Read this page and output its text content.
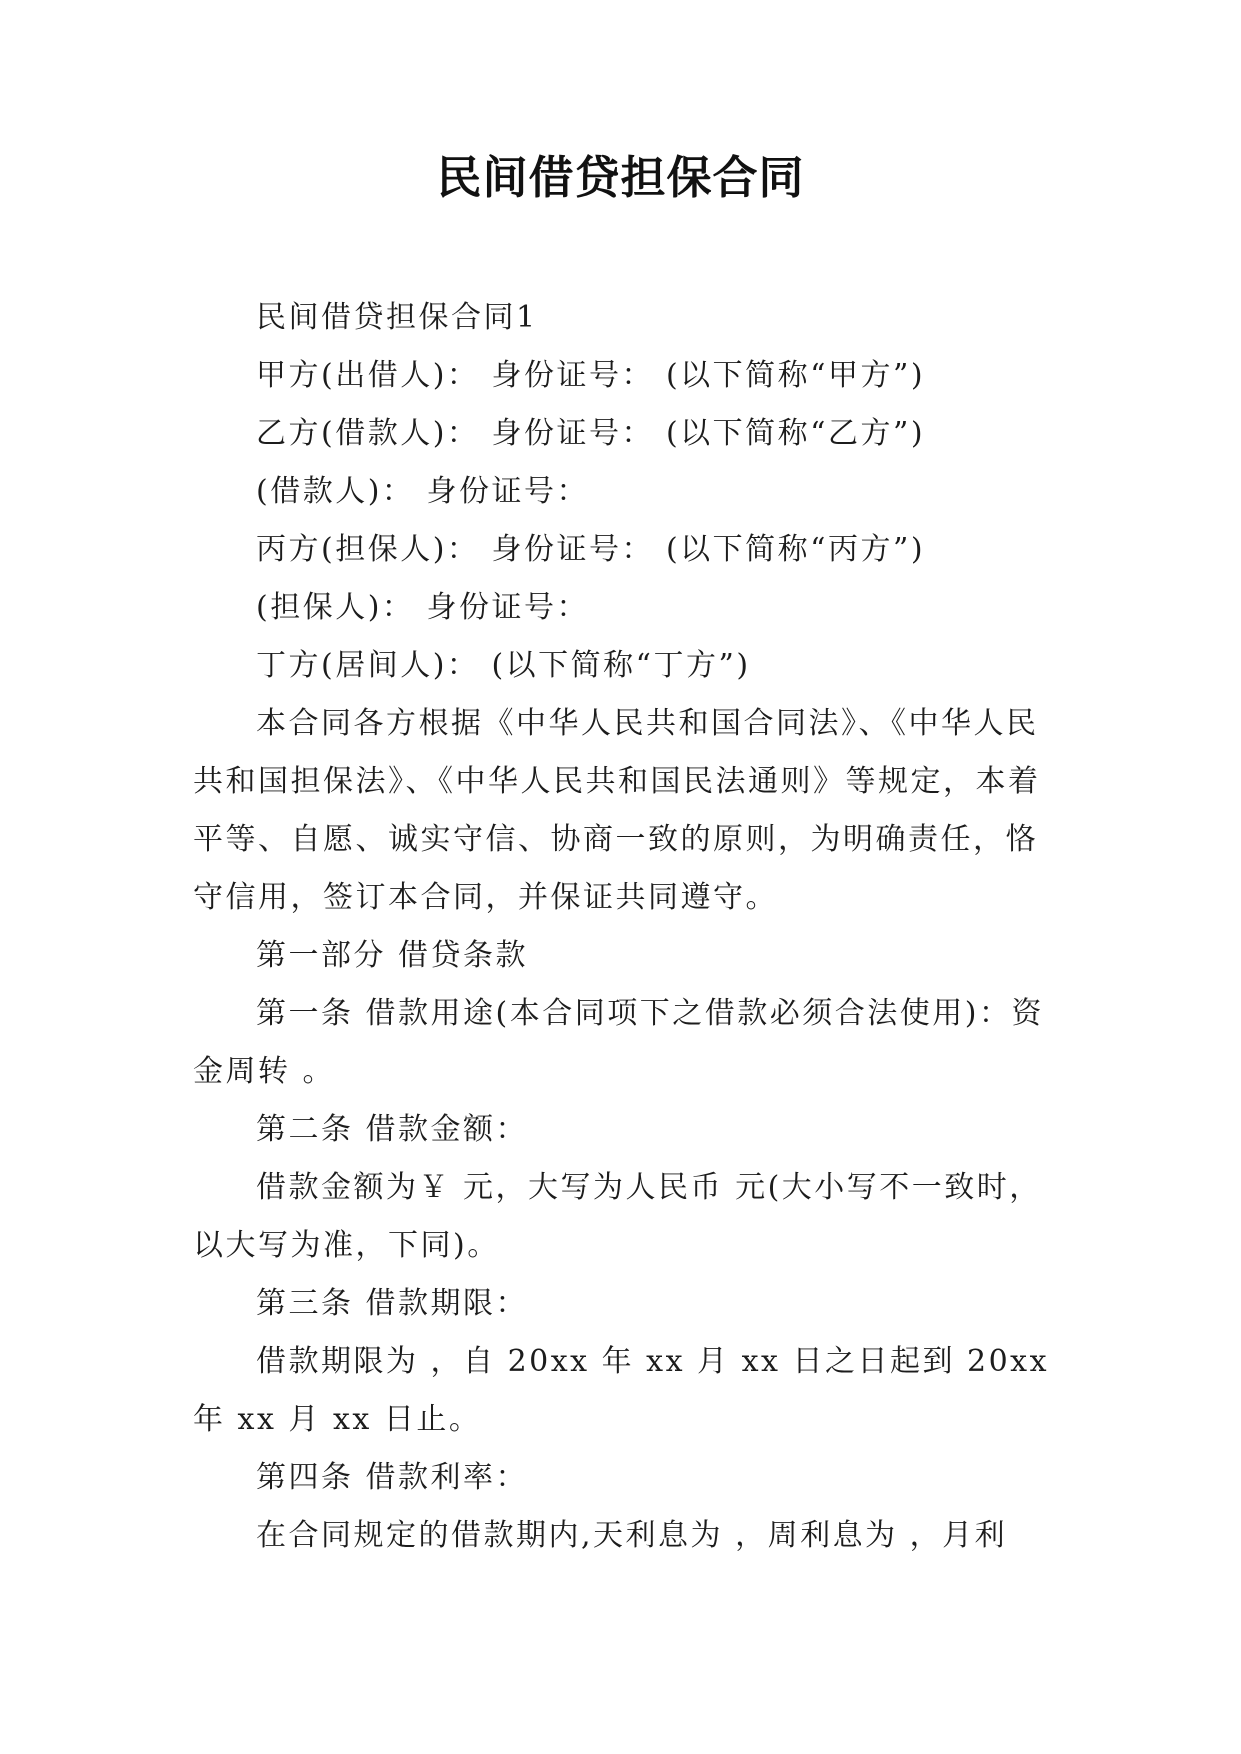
民间借贷担保合同

民间借贷担保合同1

甲方(出借人)： 身份证号： (以下简称“甲方”)

乙方(借款人)： 身份证号： (以下简称“乙方”)

(借款人)： 身份证号：

丙方(担保人)： 身份证号： (以下简称“丙方”)

(担保人)： 身份证号：

丁方(居间人)： (以下简称“丁方”)

本合同各方根据《中华人民共和国合同法》、《中华人民共和国担保法》、《中华人民共和国民法通则》等规定，本着平等、自愿、诚实守信、协商一致的原则，为明确责任，恪守信用，签订本合同，并保证共同遵守。

第一部分 借贷条款

第一条 借款用途(本合同项下之借款必须合法使用)：资金周转 。

第二条 借款金额：

借款金额为￥ 元，大写为人民币 元(大小写不一致时，以大写为准，下同)。

第三条 借款期限：

借款期限为 ，自 20xx 年 xx 月 xx 日之日起到 20xx 年 xx 月 xx 日止。

第四条 借款利率：

在合同规定的借款期内,天利息为 ，周利息为 ，月利
